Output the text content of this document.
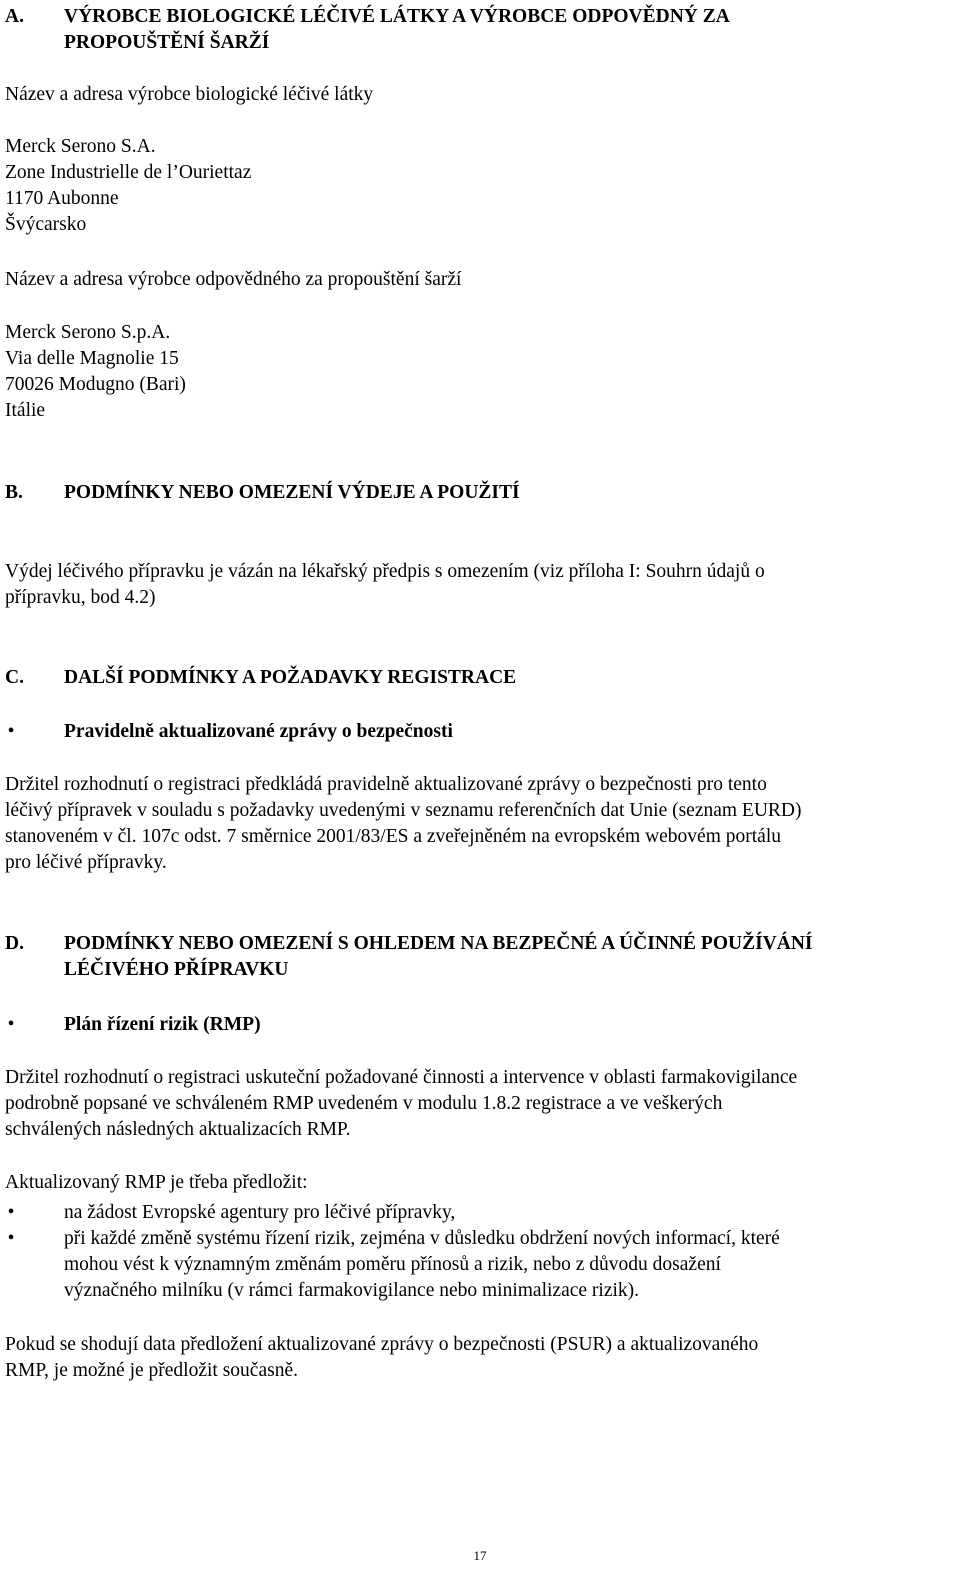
A. VÝROBCE BIOLOGICKÉ LÉČIVÉ LÁTKY A VÝROBCE ODPOVĚDNÝ ZA
PROPOUŠTĚNÍ ŠARŽÍ
Název a adresa výrobce biologické léčivé látky
Merck Serono S.A.
Zone Industrielle de l’Ouriettaz
1170 Aubonne
Švýcarsko
Název a adresa výrobce odpovědného za propouštění šarží
Merck Serono S.p.A.
Via delle Magnolie 15
70026 Modugno (Bari)
Itálie
B. PODMÍNKY NEBO OMEZENÍ VÝDEJE A POUŽITÍ
Výdej léčivého přípravku je vázán na lékařský předpis s omezením (viz příloha I: Souhrn údajů o
přípravku, bod 4.2)
C. DALŠÍ PODMÍNKY A POŽADAVKY REGISTRACE
•	Pravidelně aktualizované zprávy o bezpečnosti
Držitel rozhodnutí o registraci předkládá pravidelně aktualizované zprávy o bezpečnosti pro tento
léčivý přípravek v souladu s požadavky uvedenými v seznamu referenčních dat Unie (seznam EURD)
stanoveném v čl. 107c odst. 7 směrnice 2001/83/ES a zveřejněném na evropském webovém portálu
pro léčivé přípravky.
D. PODMÍNKY NEBO OMEZENÍ S OHLEDEM NA BEZPEČNÉ A ÚČINNÉ POUŽÍVÁNÍ
LÉČIVÉHO PŘÍPRAVKU
•	Plán řízení rizik (RMP)
Držitel rozhodnutí o registraci uskuteční požadované činnosti a intervence v oblasti farmakovigilance
podrobně popsané ve schváleném RMP uvedeném v modulu 1.8.2 registrace a ve veškerých
schválených následných aktualizacích RMP.
Aktualizovaný RMP je třeba předložit:
•	na žádost Evropské agentury pro léčivé přípravky,
•	při každé změně systému řízení rizik, zejména v důsledku obdržení nových informací, které
mohou vést k významným změnám poměru přínosů a rizik, nebo z důvodu dosažení
význačného milníku (v rámci farmakovigilance nebo minimalizace rizik).
Pokud se shodují data předložení aktualizované zprávy o bezpečnosti (PSUR) a aktualizovaného
RMP, je možné je předložit současně.
17
